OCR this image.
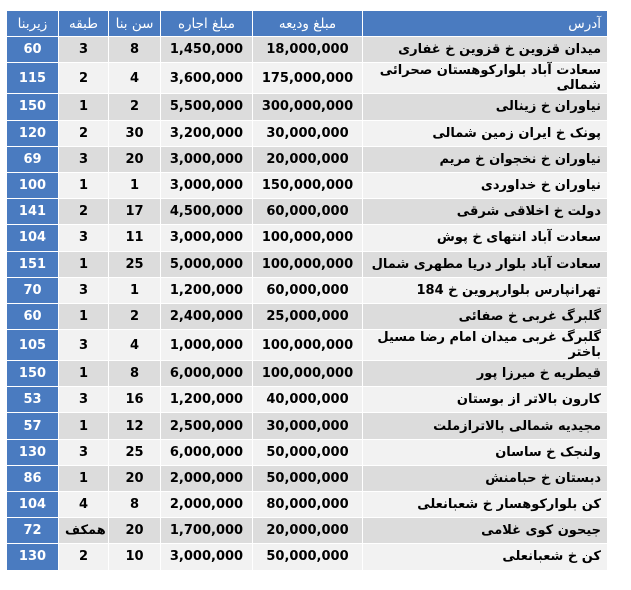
آدرس	مبلغ ودیعه	مبلغ اجاره	سن بنا	طبقه	زیربنا
میدان قزوین خ قزوین خ غفاری	18,000,000	1,450,000	8	3	60
سعادت آباد بلوارکوهستان صحرائی شمالی	175,000,000	3,600,000	4	2	115
نیاوران خ زینالی	300,000,000	5,500,000	2	1	150
پونک خ ایران زمین شمالی	30,000,000	3,200,000	30	2	120
نیاوران خ نخجوان خ مریم	20,000,000	3,000,000	20	3	69
نیاوران خ خداوردی	150,000,000	3,000,000	1	1	100
دولت خ اخلاقی شرقی	60,000,000	4,500,000	17	2	141
سعادت آباد انتهای خ پوش	100,000,000	3,000,000	11	3	104
سعادت آباد بلوار دریا مطهری شمال	100,000,000	5,000,000	25	1	151
تهرانپارس بلوارپروین خ 184	60,000,000	1,200,000	1	3	70
گلبرگ غربی خ صفائی	25,000,000	2,400,000	2	1	60
گلبرگ غربی میدان امام رضا مسیل باختر	100,000,000	1,000,000	4	3	105
قیطریه خ میرزا پور	100,000,000	6,000,000	8	1	150
کارون بالاتر از بوستان	40,000,000	1,200,000	16	3	53
مجیدیه شمالی بالاترازملت	30,000,000	2,500,000	12	1	57
ولنجک خ ساسان	50,000,000	6,000,000	25	3	130
دبستان خ حبامنش	50,000,000	2,000,000	20	1	86
کن بلوارکوهسار خ شعبانعلی	80,000,000	2,000,000	8	4	104
جیحون کوی غلامی	20,000,000	1,700,000	20	همکف	72
کن خ شعبانعلی	50,000,000	3,000,000	10	2	130
